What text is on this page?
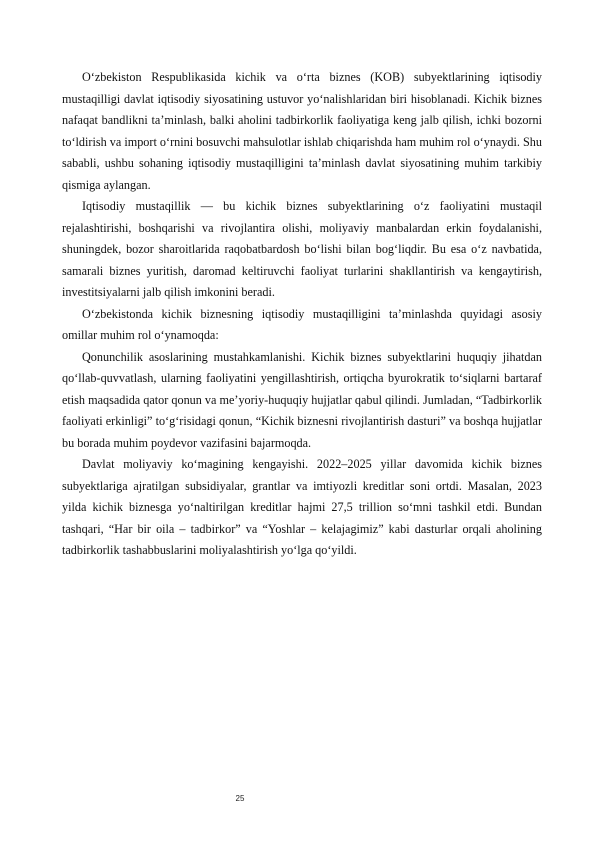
O‘zbekiston Respublikasida kichik va o‘rta biznes (KOB) subyektlarining iqtisodiy mustaqilligi davlat iqtisodiy siyosatining ustuvor yo‘nalishlaridan biri hisoblanadi. Kichik biznes nafaqat bandlikni ta’minlash, balki aholini tadbirkorlik faoliyatiga keng jalb qilish, ichki bozorni to‘ldirish va import o‘rnini bosuvchi mahsulotlar ishlab chiqarishda ham muhim rol o‘ynaydi. Shu sababli, ushbu sohaning iqtisodiy mustaqilligini ta’minlash davlat siyosatining muhim tarkibiy qismiga aylangan.

Iqtisodiy mustaqillik — bu kichik biznes subyektlarining o‘z faoliyatini mustaqil rejalashtirishi, boshqarishi va rivojlantira olishi, moliyaviy manbalardan erkin foydalanishi, shuningdek, bozor sharoitlarida raqobatbardosh bo‘lishi bilan bog‘liqdir. Bu esa o‘z navbatida, samarali biznes yuritish, daromad keltiruvchi faoliyat turlarini shakllantirish va kengaytirish, investitsiyalarni jalb qilish imkonini beradi.

O‘zbekistonda kichik biznesning iqtisodiy mustaqilligini ta’minlashda quyidagi asosiy omillar muhim rol o‘ynamoqda:

Qonunchilik asoslarining mustahkamlanishi. Kichik biznes subyektlarini huquqiy jihatdan qo‘llab-quvvatlash, ularning faoliyatini yengillashtirish, ortiqcha byurokratik to‘siqlarni bartaraf etish maqsadida qator qonun va me’yoriy-huquqiy hujjatlar qabul qilindi. Jumladan, “Tadbirkorlik faoliyati erkinligi” to‘g‘risidagi qonun, “Kichik biznesni rivojlantirish dasturi” va boshqa hujjatlar bu borada muhim poydevor vazifasini bajarmoqda.

Davlat moliyaviy ko‘magining kengayishi. 2022–2025 yillar davomida kichik biznes subyektlariga ajratilgan subsidiyalar, grantlar va imtiyozli kreditlar soni ortdi. Masalan, 2023 yilda kichik biznesga yo‘naltirilgan kreditlar hajmi 27,5 trillion so‘mni tashkil etdi. Bundan tashqari, “Har bir oila – tadbirkor” va “Yoshlar – kelajagimiz” kabi dasturlar orqali aholining tadbirkorlik tashabbuslarini moliyalashtirish yo‘lga qo‘yildi.

25
